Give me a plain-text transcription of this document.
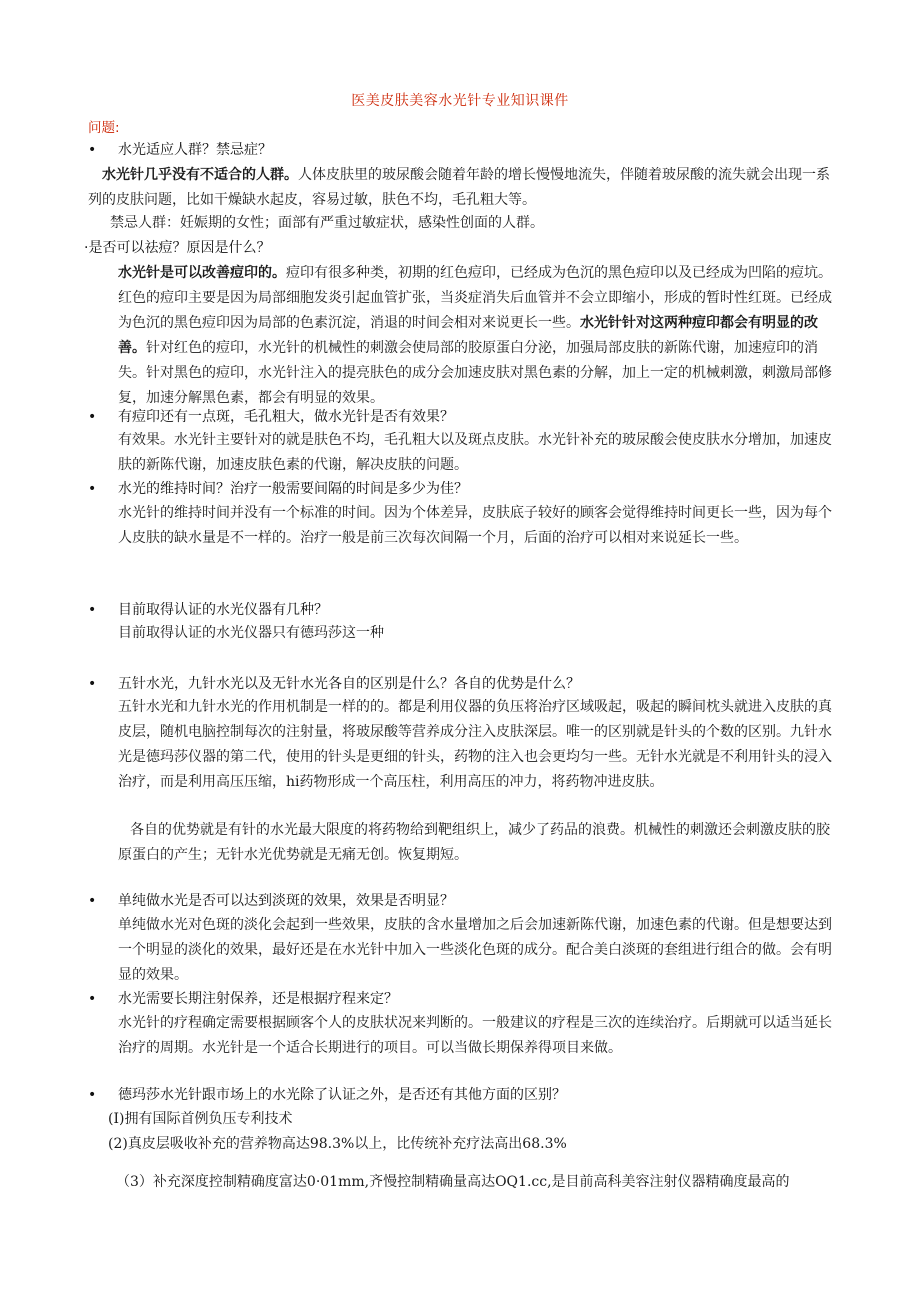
医美皮肤美容水光针专业知识课件
问题:
• 水光适应人群？禁忌症？
水光针几乎没有不适合的人群。人体皮肤里的玻尿酸会随着年龄的增长慢慢地流失，伴随着玻尿酸的流失就会出现一系列的皮肤问题，比如干燥缺水起皮，容易过敏，肤色不均，毛孔粗大等。
禁忌人群：妊娠期的女性；面部有严重过敏症状，感染性创面的人群。
·是否可以祛痘？原因是什么？
水光针是可以改善痘印的。痘印有很多种类，初期的红色痘印，已经成为色沉的黑色痘印以及已经成为凹陷的痘坑。红色的痘印主要是因为局部细胞发炎引起血管扩张，当炎症消失后血管并不会立即缩小，形成的暂时性红斑。已经成为色沉的黑色痘印因为局部的色素沉淀，消退的时间会相对来说更长一些。水光针针对这两种痘印都会有明显的改善。针对红色的痘印，水光针的机械性的刺激会使局部的胶原蛋白分泌，加强局部皮肤的新陈代谢，加速痘印的消失。针对黑色的痘印，水光针注入的提亮肤色的成分会加速皮肤对黑色素的分解，加上一定的机械刺激，刺激局部修复，加速分解黑色素，都会有明显的效果。
• 有痘印还有一点斑，毛孔粗大，做水光针是否有效果？
有效果。水光针主要针对的就是肤色不均，毛孔粗大以及斑点皮肤。水光针补充的玻尿酸会使皮肤水分增加，加速皮肤的新陈代谢，加速皮肤色素的代谢，解决皮肤的问题。
• 水光的维持时间？治疗一般需要间隔的时间是多少为佳？
水光针的维持时间并没有一个标准的时间。因为个体差异，皮肤底子较好的顾客会觉得维持时间更长一些，因为每个人皮肤的缺水量是不一样的。治疗一般是前三次每次间隔一个月，后面的治疗可以相对来说延长一些。
• 目前取得认证的水光仪器有几种？
目前取得认证的水光仪器只有德玛莎这一种
• 五针水光，九针水光以及无针水光各自的区别是什么？各自的优势是什么？
五针水光和九针水光的作用机制是一样的的。都是利用仪器的负压将治疗区域吸起，吸起的瞬间枕头就进入皮肤的真皮层，随机电脑控制每次的注射量，将玻尿酸等营养成分注入皮肤深层。唯一的区别就是针头的个数的区别。九针水光是德玛莎仪器的第二代，使用的针头是更细的针头，药物的注入也会更均匀一些。无针水光就是不利用针头的浸入治疗，而是利用高压压缩，hi药物形成一个高压柱，利用高压的冲力，将药物冲进皮肤。
各自的优势就是有针的水光最大限度的将药物给到靶组织上，减少了药品的浪费。机械性的刺激还会刺激皮肤的胶原蛋白的产生；无针水光优势就是无痛无创。恢复期短。
• 单纯做水光是否可以达到淡斑的效果，效果是否明显？
单纯做水光对色斑的淡化会起到一些效果，皮肤的含水量增加之后会加速新陈代谢，加速色素的代谢。但是想要达到一个明显的淡化的效果，最好还是在水光针中加入一些淡化色斑的成分。配合美白淡斑的套组进行组合的做。会有明显的效果。
• 水光需要长期注射保养，还是根据疗程来定？
水光针的疗程确定需要根据顾客个人的皮肤状况来判断的。一般建议的疗程是三次的连续治疗。后期就可以适当延长治疗的周期。水光针是一个适合长期进行的项目。可以当做长期保养得项目来做。
• 德玛莎水光针跟市场上的水光除了认证之外，是否还有其他方面的区别？
(I)拥有国际首例负压专利技术
(2)真皮层吸收补充的营养物高达98.3%以上，比传统补充疗法高出68.3%
（3）补充深度控制精确度富达0·01mm,齐慢控制精确量高达OQ1.cc,是目前高科美容注射仪器精确度最高的
